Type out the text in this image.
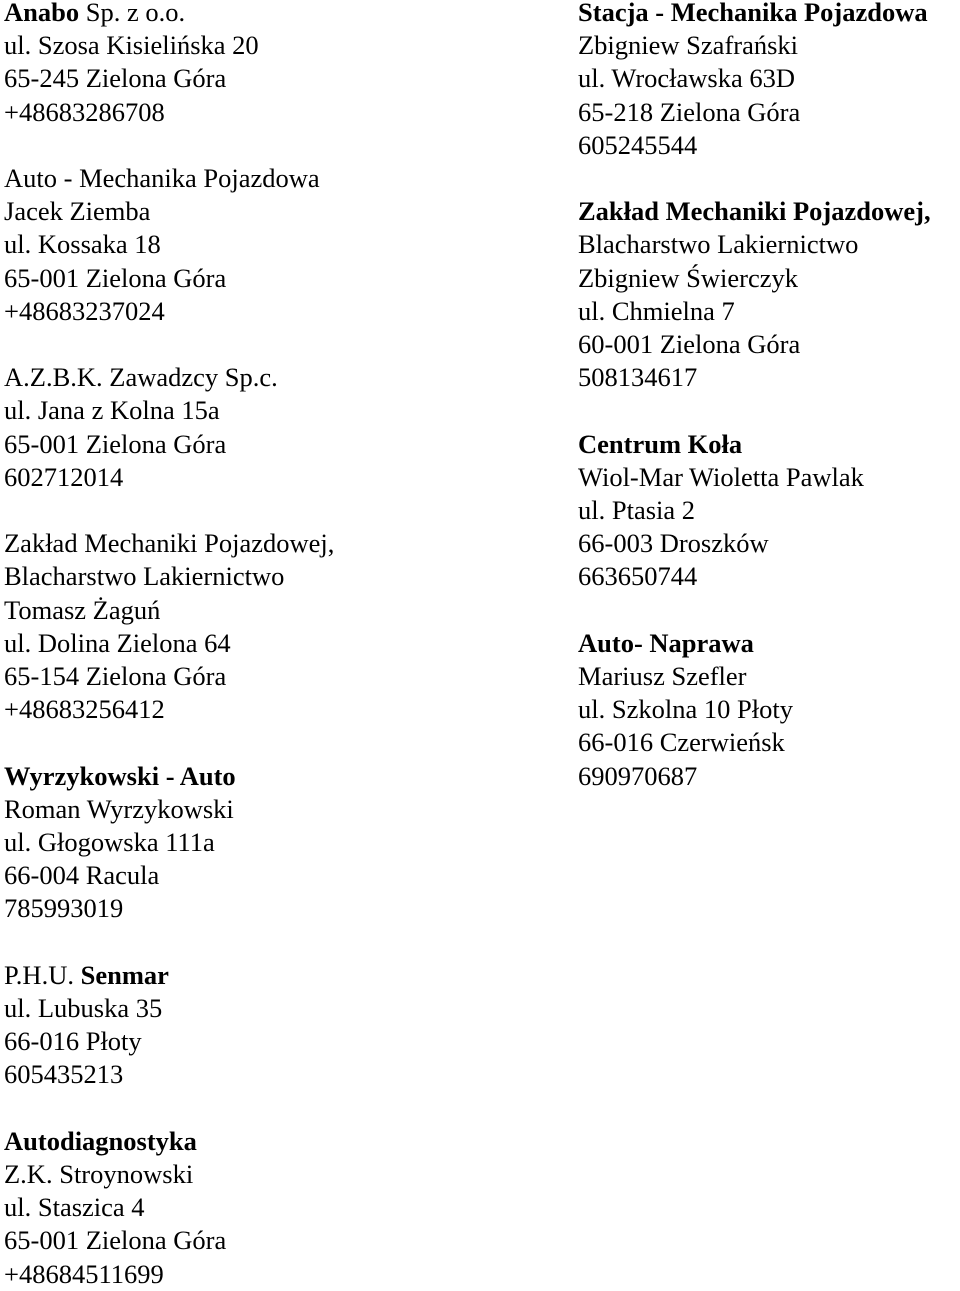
Anabo Sp. z o.o.
ul. Szosa Kisielińska 20
65-245 Zielona Góra
+48683286708
Auto - Mechanika Pojazdowa
Jacek Ziemba
ul. Kossaka 18
65-001 Zielona Góra
+48683237024
A.Z.B.K. Zawadzcy Sp.c.
ul. Jana z Kolna 15a
65-001 Zielona Góra
602712014
Zakład Mechaniki Pojazdowej,
Blacharstwo Lakiernictwo
Tomasz Żaguń
ul. Dolina Zielona 64
65-154 Zielona Góra
+48683256412
Wyrzykowski - Auto
Roman Wyrzykowski
ul. Głogowska 111a
66-004 Racula
785993019
P.H.U. Senmar
ul. Lubuska 35
66-016 Płoty
605435213
Autodiagnostyka
Z.K. Stroynowski
ul. Staszica 4
65-001 Zielona Góra
+48684511699
Stacja - Mechanika Pojazdowa
Zbigniew Szafrański
ul. Wrocławska 63D
65-218 Zielona Góra
605245544
Zakład Mechaniki Pojazdowej,
Blacharstwo Lakiernictwo
Zbigniew Świerczyk
ul. Chmielna 7
60-001 Zielona Góra
508134617
Centrum Koła
Wiol-Mar Wioletta Pawlak
ul. Ptasia 2
66-003 Droszków
663650744
Auto- Naprawa
Mariusz Szefler
ul. Szkolna 10 Płoty
66-016 Czerwieńsk
690970687
